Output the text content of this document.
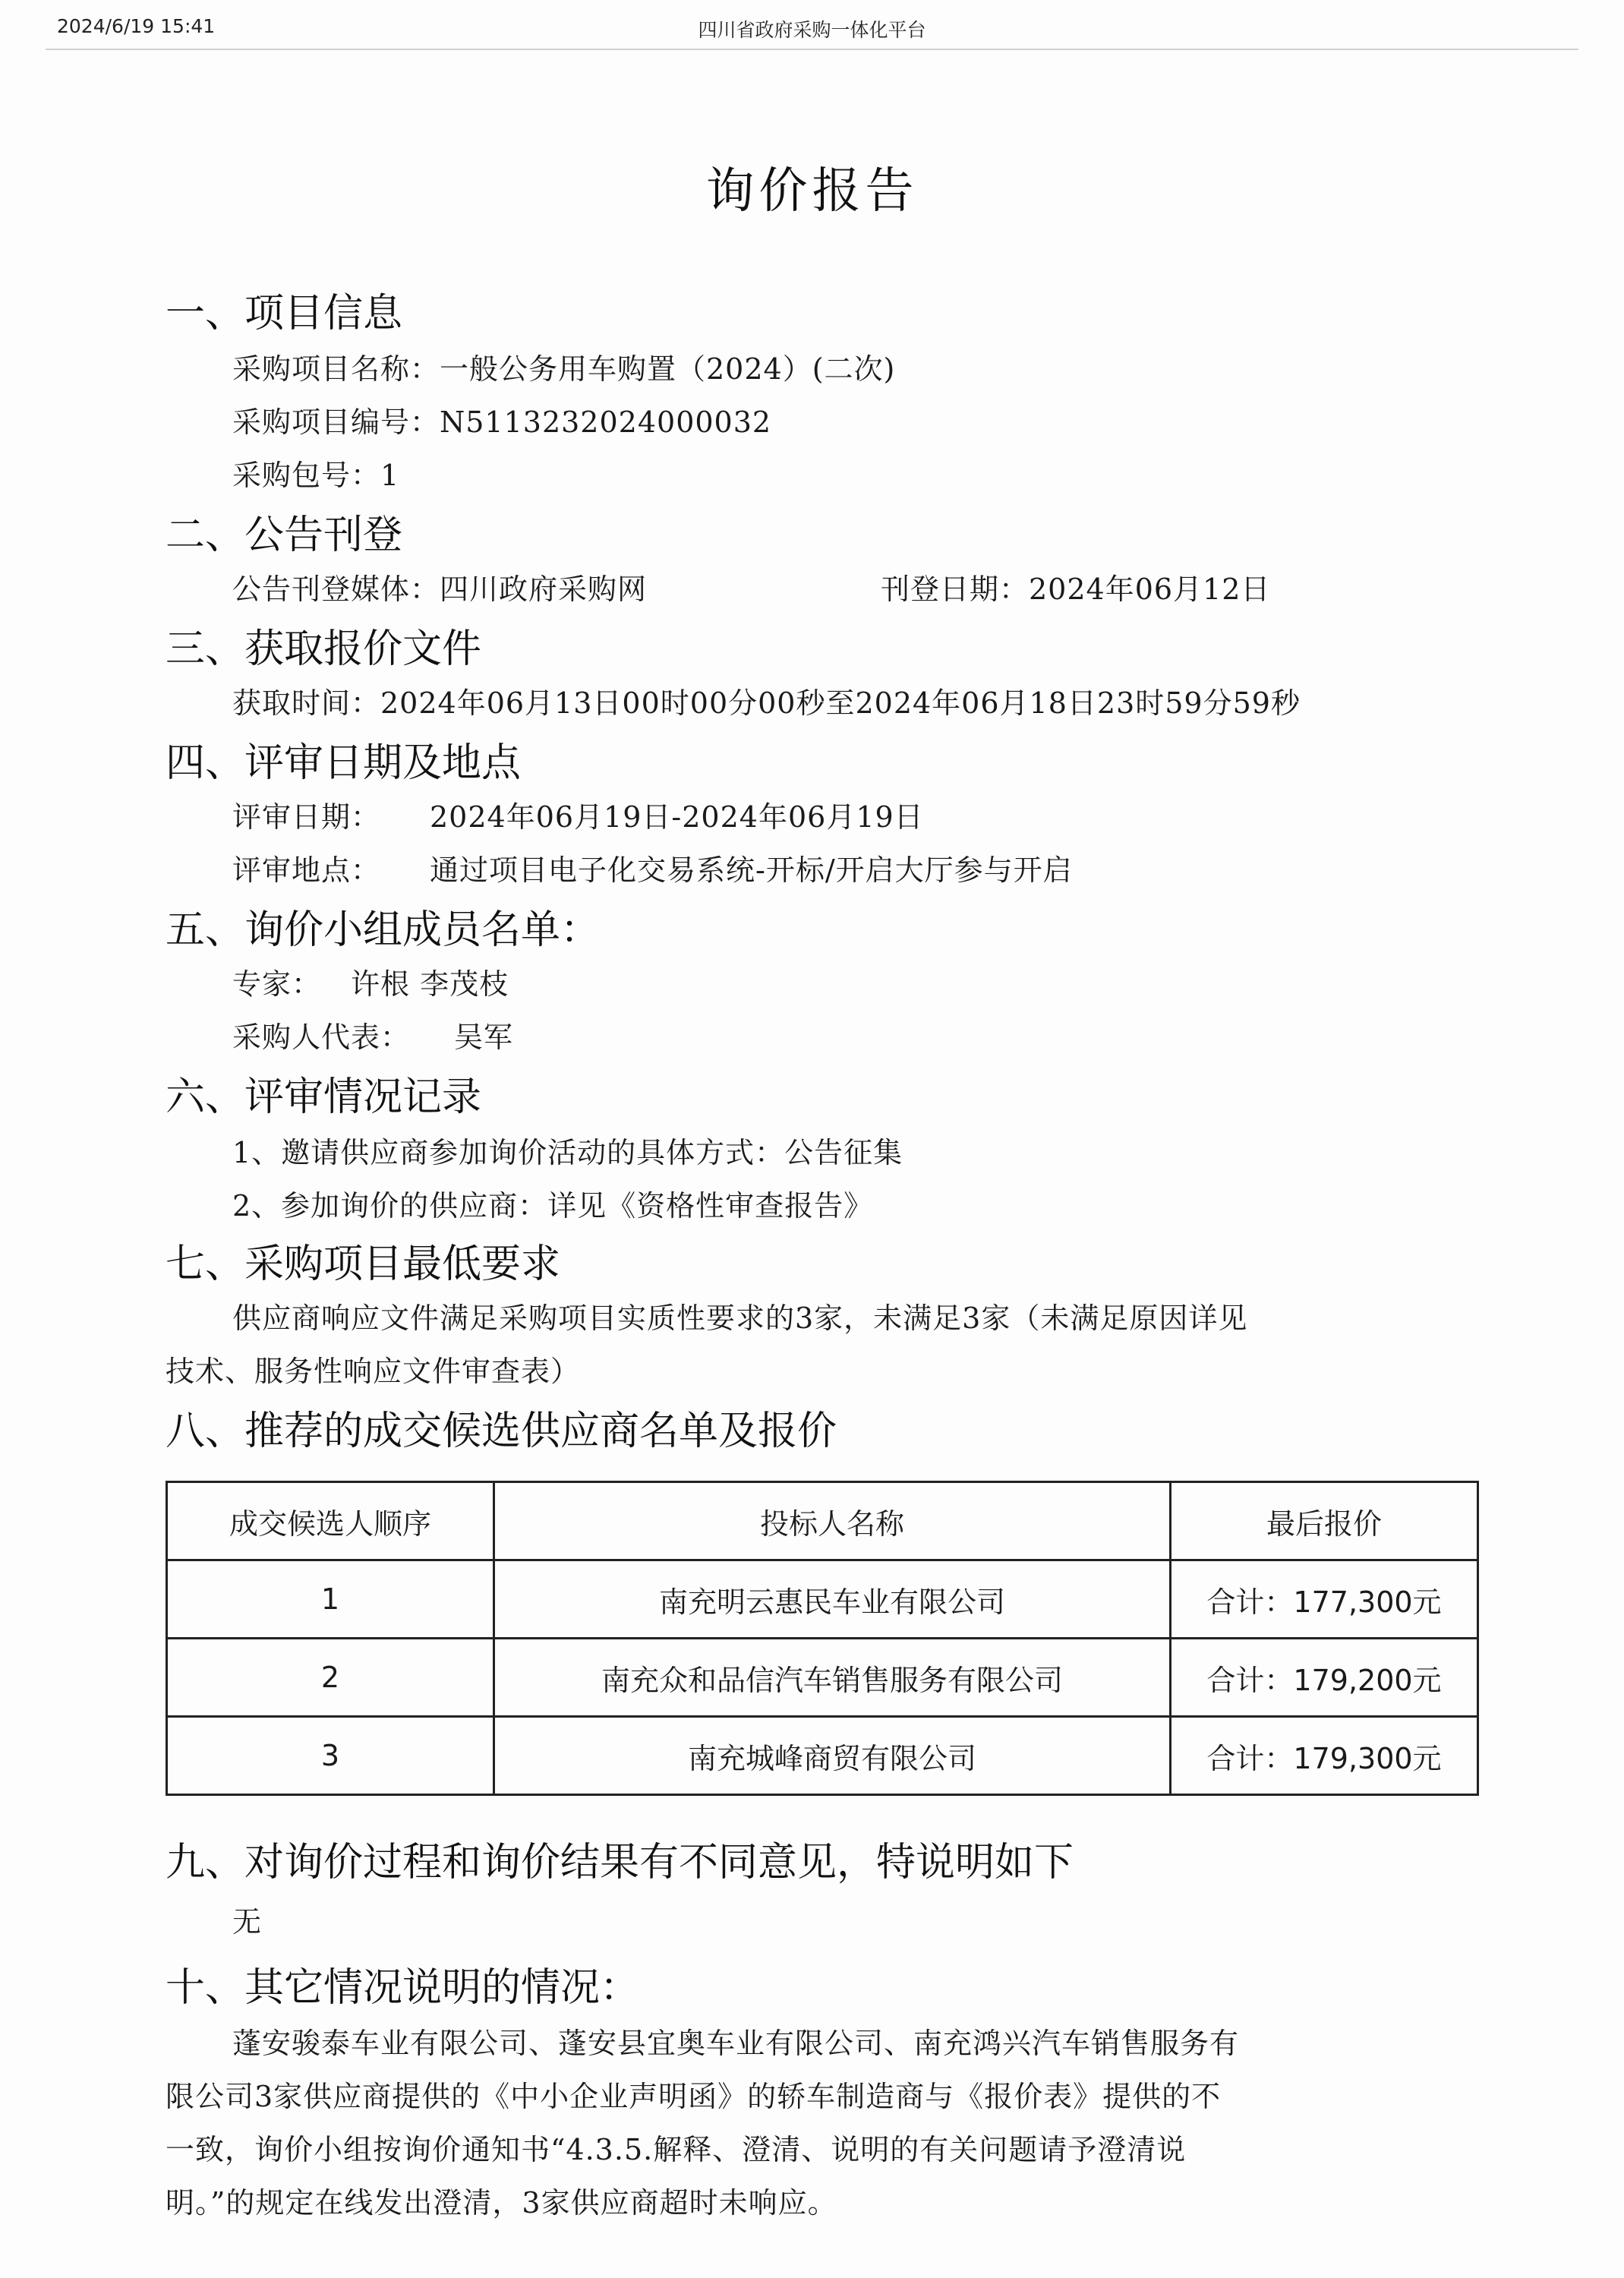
2024/6/19 15:41	四川省政府采购一体化平台
询价报告
一、项目信息
采购项目名称：一般公务用车购置（2024）(二次)
采购项目编号：N5113232024000032
采购包号：1
二、公告刊登
公告刊登媒体：四川政府采购网	刊登日期：2024年06月12日
三、获取报价文件
获取时间：2024年06月13日00时00分00秒至2024年06月18日23时59分59秒
四、评审日期及地点
评审日期： 2024年06月19日-2024年06月19日
评审地点： 通过项目电子化交易系统-开标/开启大厅参与开启
五、询价小组成员名单：
专家： 许根 李茂枝
采购人代表： 吴军
六、评审情况记录
1、邀请供应商参加询价活动的具体方式：公告征集
2、参加询价的供应商：详见《资格性审查报告》
七、采购项目最低要求
供应商响应文件满足采购项目实质性要求的3家，未满足3家（未满足原因详见
技术、服务性响应文件审查表）
八、推荐的成交候选供应商名单及报价
成交候选人顺序	投标人名称	最后报价
1	南充明云惠民车业有限公司	合计：177,300元
2	南充众和品信汽车销售服务有限公司	合计：179,200元
3	南充城峰商贸有限公司	合计：179,300元
九、对询价过程和询价结果有不同意见，特说明如下
无
十、其它情况说明的情况：
蓬安骏泰车业有限公司、蓬安县宜奥车业有限公司、南充鸿兴汽车销售服务有
限公司3家供应商提供的《中小企业声明函》的轿车制造商与《报价表》提供的不
一致，询价小组按询价通知书“4.3.5.解释、澄清、说明的有关问题请予澄清说
明。”的规定在线发出澄清，3家供应商超时未响应。
